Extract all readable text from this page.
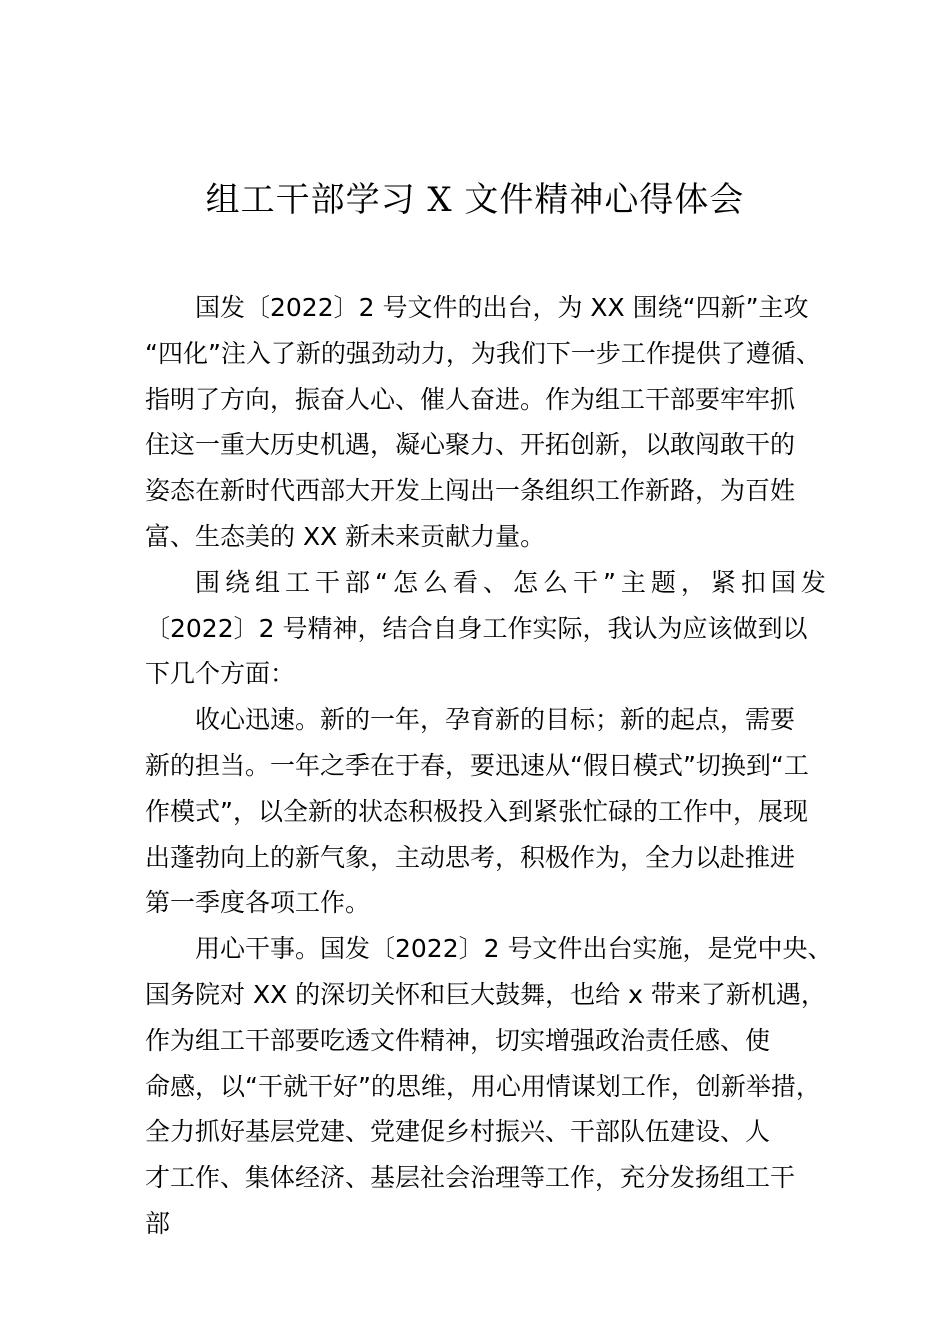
组工干部学习 X 文件精神心得体会
国发〔2022〕2 号文件的出台，为 XX 围绕“四新”主攻
“四化”注入了新的强劲动力，为我们下一步工作提供了遵循、
指明了方向，振奋人心、催人奋进。作为组工干部要牢牢抓
住这一重大历史机遇，凝心聚力、开拓创新，以敢闯敢干的
姿态在新时代西部大开发上闯出一条组织工作新路，为百姓
富、生态美的 XX 新未来贡献力量。
围绕组工干部“怎么看、怎么干”主题，紧扣国发
〔2022〕2 号精神，结合自身工作实际，我认为应该做到以
下几个方面：
收心迅速。新的一年，孕育新的目标；新的起点，需要
新的担当。一年之季在于春，要迅速从“假日模式”切换到“工
作模式”，以全新的状态积极投入到紧张忙碌的工作中，展现
出蓬勃向上的新气象，主动思考，积极作为，全力以赴推进
第一季度各项工作。
用心干事。国发〔2022〕2 号文件出台实施，是党中央、
国务院对 XX 的深切关怀和巨大鼓舞，也给 x 带来了新机遇，
作为组工干部要吃透文件精神，切实增强政治责任感、使
命感，以“干就干好”的思维，用心用情谋划工作，创新举措，
全力抓好基层党建、党建促乡村振兴、干部队伍建设、人
才工作、集体经济、基层社会治理等工作，充分发扬组工干
部
